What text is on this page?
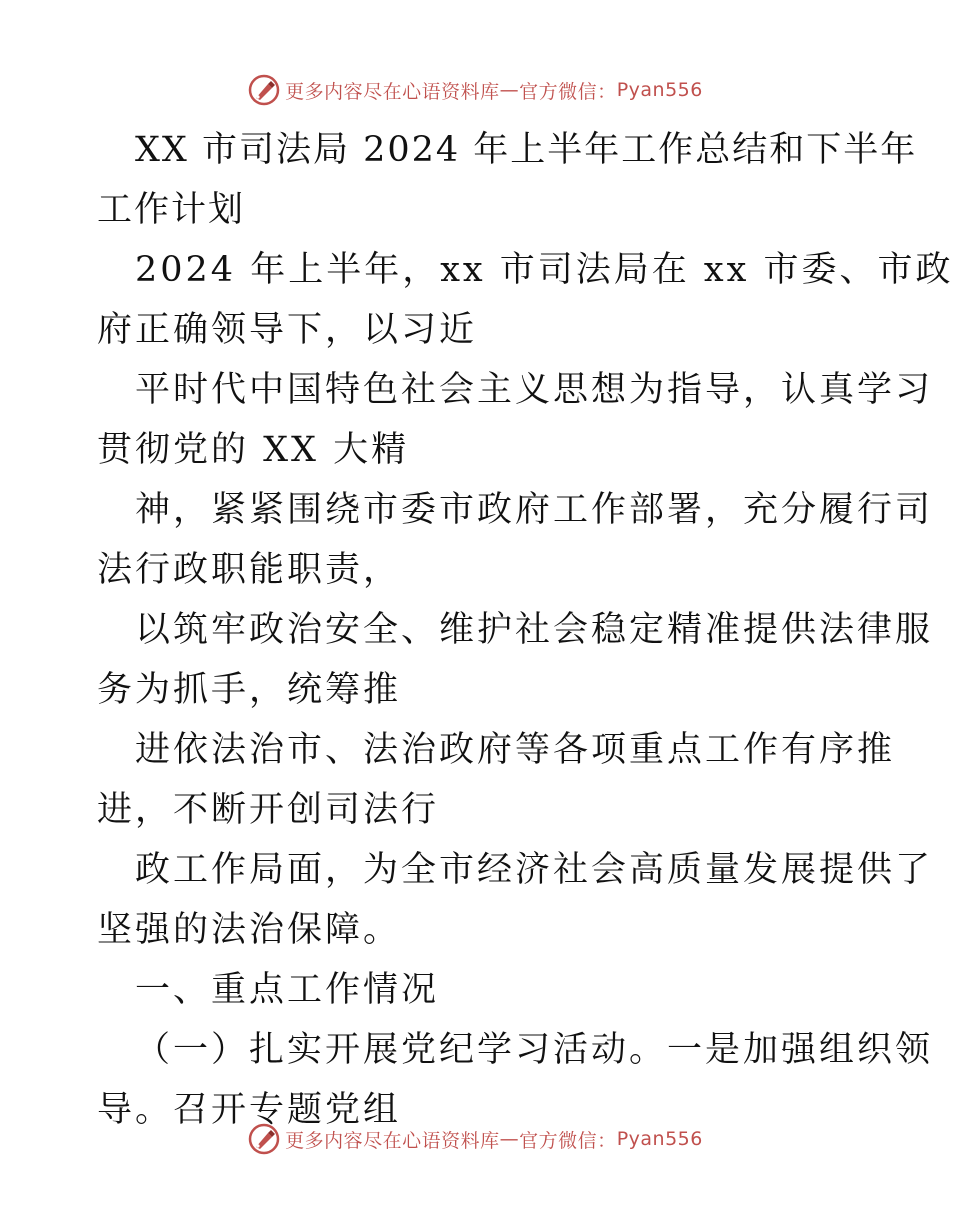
更多内容尽在心语资料库 — 官方微信： Pyan556
XX 市司法局 2024 年上半年工作总结和下半年
工作计划
2024 年上半年，xx 市司法局在 xx 市委、市政
府正确领导下，以习近
平时代中国特色社会主义思想为指导，认真学习
贯彻党的 XX 大精
神，紧紧围绕市委市政府工作部署，充分履行司
法行政职能职责，
以筑牢政治安全、维护社会稳定精准提供法律服
务为抓手，统筹推
进依法治市、法治政府等各项重点工作有序推
进，不断开创司法行
政工作局面，为全市经济社会高质量发展提供了
坚强的法治保障。
一、重点工作情况
（一）扎实开展党纪学习活动。一是加强组织领
导。召开专题党组
更多内容尽在心语资料库 — 官方微信： Pyan556
